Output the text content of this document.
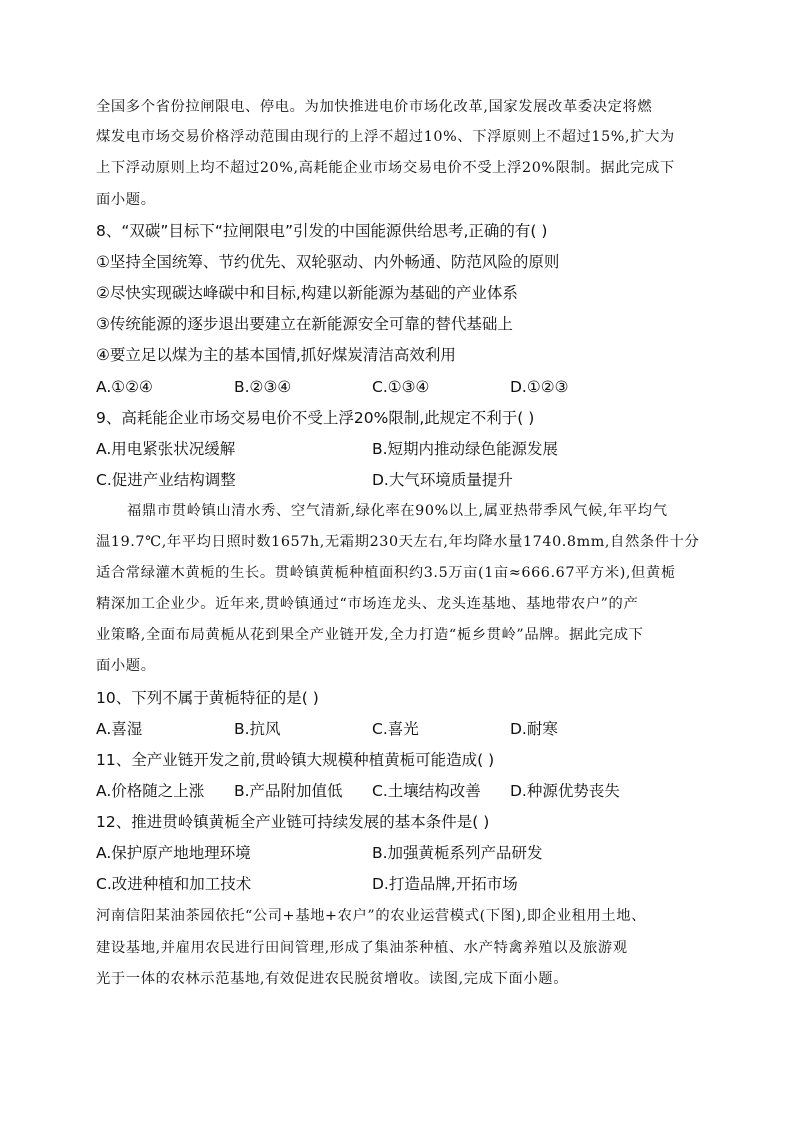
全国多个省份拉闸限电、停电。为加快推进电价市场化改革,国家发展改革委决定将燃
煤发电市场交易价格浮动范围由现行的上浮不超过10%、下浮原则上不超过15%,扩大为
上下浮动原则上均不超过20%,高耗能企业市场交易电价不受上浮20%限制。据此完成下
面小题。
8、“双碳”目标下“拉闸限电”引发的中国能源供给思考,正确的有( )
①坚持全国统筹、节约优先、双轮驱动、内外畅通、防范风险的原则
②尽快实现碳达峰碳中和目标,构建以新能源为基础的产业体系
③传统能源的逐步退出要建立在新能源安全可靠的替代基础上
④要立足以煤为主的基本国情,抓好煤炭清洁高效利用
A.①②④	B.②③④	C.①③④	D.①②③
9、高耗能企业市场交易电价不受上浮20%限制,此规定不利于( )
A.用电紧张状况缓解	B.短期内推动绿色能源发展
C.促进产业结构调整	D.大气环境质量提升
福鼎市贯岭镇山清水秀、空气清新,绿化率在90%以上,属亚热带季风气候,年平均气
温19.7℃,年平均日照时数1657h,无霜期230天左右,年均降水量1740.8mm,自然条件十分
适合常绿灌木黄栀的生长。贯岭镇黄栀种植面积约3.5万亩(1亩≈666.67平方米),但黄栀
精深加工企业少。近年来,贯岭镇通过“市场连龙头、龙头连基地、基地带农户”的产
业策略,全面布局黄栀从花到果全产业链开发,全力打造“栀乡贯岭”品牌。据此完成下
面小题。
10、下列不属于黄栀特征的是( )
A.喜湿	B.抗风	C.喜光	D.耐寒
11、全产业链开发之前,贯岭镇大规模种植黄栀可能造成( )
A.价格随之上涨 B.产品附加值低 C.土壤结构改善 D.种源优势丧失
12、推进贯岭镇黄栀全产业链可持续发展的基本条件是( )
A.保护原产地地理环境	B.加强黄栀系列产品研发
C.改进种植和加工技术	D.打造品牌,开拓市场
河南信阳某油茶园依托“公司+基地+农户”的农业运营模式(下图),即企业租用土地、
建设基地,并雇用农民进行田间管理,形成了集油茶种植、水产特禽养殖以及旅游观
光于一体的农林示范基地,有效促进农民脱贫增收。读图,完成下面小题。
